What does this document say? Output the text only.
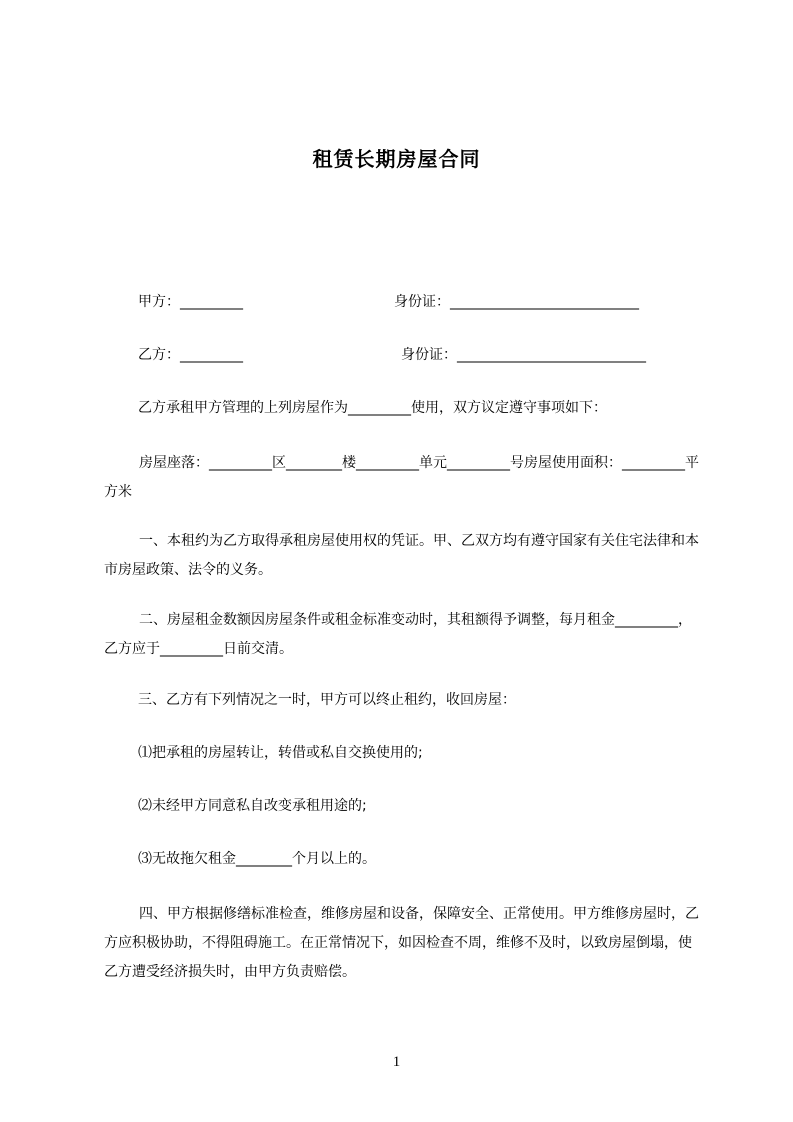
租赁长期房屋合同
甲方：_________	身份证：___________________________
乙方：_________	身份证：___________________________
乙方承租甲方管理的上列房屋作为_________使用，双方议定遵守事项如下：
房屋座落：_________区________楼_________单元_________号房屋使用面积：_________平方米
一、本租约为乙方取得承租房屋使用权的凭证。甲、乙双方均有遵守国家有关住宅法律和本市房屋政策、法令的义务。
二、房屋租金数额因房屋条件或租金标准变动时，其租额得予调整，每月租金_________，乙方应于_________日前交清。
三、乙方有下列情况之一时，甲方可以终止租约，收回房屋：
⑴把承租的房屋转让，转借或私自交换使用的;
⑵未经甲方同意私自改变承租用途的;
⑶无故拖欠租金________个月以上的。
四、甲方根据修缮标准检查，维修房屋和设备，保障安全、正常使用。甲方维修房屋时，乙方应积极协助，不得阻碍施工。在正常情况下，如因检查不周，维修不及时，以致房屋倒塌，使乙方遭受经济损失时，由甲方负责赔偿。
1
